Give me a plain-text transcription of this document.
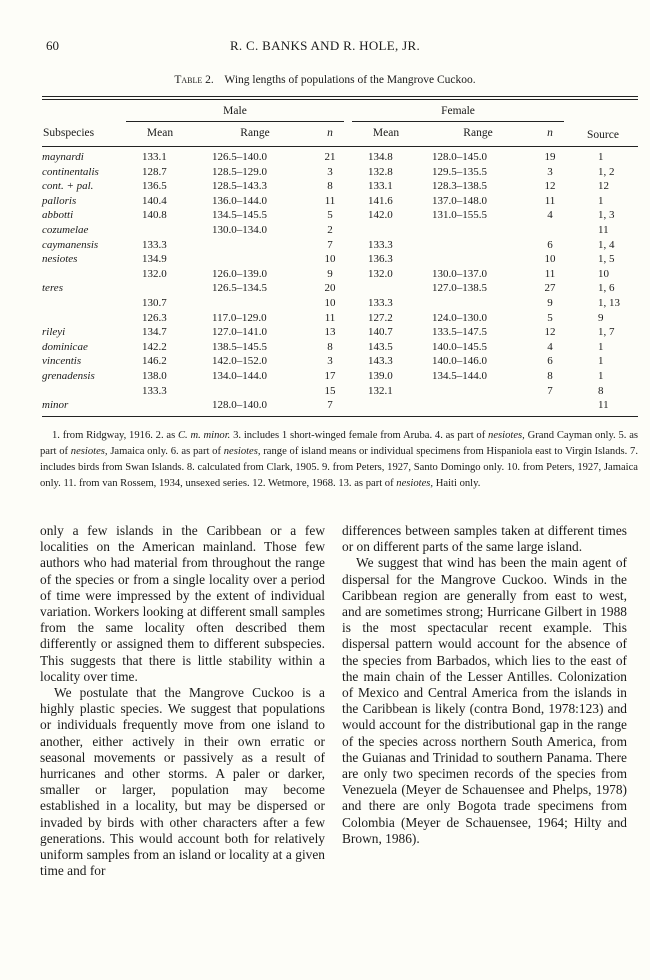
60	R. C. BANKS AND R. HOLE, JR.
Table 2. Wing lengths of populations of the Mangrove Cuckoo.
	Male			Female		

Subspecies	Mean	Range	n	Mean	Range	n	Source
maynardi	133.1	126.5–140.0	21	134.8	128.0–145.0	19	1
continentalis	128.7	128.5–129.0	3	132.8	129.5–135.5	3	1, 2
cont. + pal.	136.5	128.5–143.3	8	133.1	128.3–138.5	12	12
palloris	140.4	136.0–144.0	11	141.6	137.0–148.0	11	1
abbotti	140.8	134.5–145.5	5	142.0	131.0–155.5	4	1, 3
cozumelae		130.0–134.0	2				11
caymanensis	133.3		7	133.3		6	1, 4
nesiotes	134.9		10	136.3		10	1, 5
	132.0	126.0–139.0	9	132.0	130.0–137.0	11	10
teres		126.5–134.5	20		127.0–138.5	27	1, 6
	130.7		10	133.3		9	1, 13
	126.3	117.0–129.0	11	127.2	124.0–130.0	5	9
rileyi	134.7	127.0–141.0	13	140.7	133.5–147.5	12	1, 7
dominicae	142.2	138.5–145.5	8	143.5	140.0–145.5	4	1
vincentis	146.2	142.0–152.0	3	143.3	140.0–146.0	6	1
grenadensis	138.0	134.0–144.0	17	139.0	134.5–144.0	8	1
	133.3		15	132.1		7	8
minor		128.0–140.0	7				11
1. from Ridgway, 1916. 2. as C. m. minor. 3. includes 1 short-winged female from Aruba. 4. as part of nesiotes, Grand Cayman only. 5. as part of nesiotes, Jamaica only. 6. as part of nesiotes, range of island means or individual specimens from Hispaniola east to Virgin Islands. 7. includes birds from Swan Islands. 8. calculated from Clark, 1905. 9. from Peters, 1927, Santo Domingo only. 10. from Peters, 1927, Jamaica only. 11. from van Rossem, 1934, unsexed series. 12. Wetmore, 1968. 13. as part of nesiotes, Haiti only.

only a few islands in the Caribbean or a few localities on the American mainland. Those few authors who had material from throughout the range of the species or from a single locality over a period of time were impressed by the extent of individual variation. Workers looking at different small samples from the same locality often described them differently or assigned them to different subspecies. This suggests that there is little stability within a locality over time.

We postulate that the Mangrove Cuckoo is a highly plastic species. We suggest that populations or individuals frequently move from one island to another, either actively in their own erratic or seasonal movements or passively as a result of hurricanes and other storms. A paler or darker, smaller or larger, population may become established in a locality, but may be dispersed or invaded by birds with other characters after a few generations. This would account both for relatively uniform samples from an island or locality at a given time and for

differences between samples taken at different times or on different parts of the same large island.

We suggest that wind has been the main agent of dispersal for the Mangrove Cuckoo. Winds in the Caribbean region are generally from east to west, and are sometimes strong; Hurricane Gilbert in 1988 is the most spectacular recent example. This dispersal pattern would account for the absence of the species from Barbados, which lies to the east of the main chain of the Lesser Antilles. Colonization of Mexico and Central America from the islands in the Caribbean is likely (contra Bond, 1978:123) and would account for the distributional gap in the range of the species across northern South America, from the Guianas and Trinidad to southern Panama. There are only two specimen records of the species from Venezuela (Meyer de Schauensee and Phelps, 1978) and there are only Bogota trade specimens from Colombia (Meyer de Schauensee, 1964; Hilty and Brown, 1986).
